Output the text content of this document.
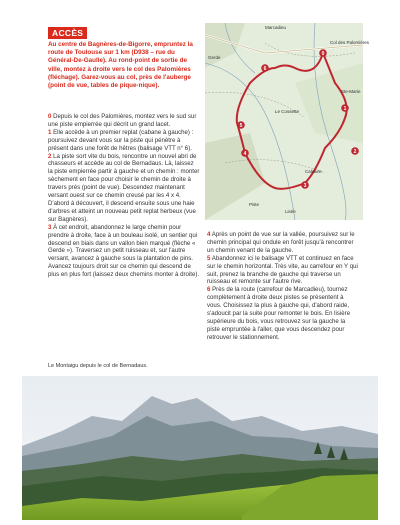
ACCÈS
Au centre de Bagnères-de-Bigorre, empruntez la route de Toulouse sur 1 km (D938 – rue du Général-De-Gaulle). Au rond-point de sortie de ville, montez à droite vers le col des Palomières (fléchage). Garez-vous au col, près de l'auberge (point de vue, tables de pique-nique).

0 Depuis le col des Palomières, montez vers le sud sur une piste empierrée qui décrit un grand lacet.

1 Elle accède à un premier replat (cabane à gauche) : poursuivez devant vous sur la piste qui pénètre à présent dans une forêt de hêtres (balisage VTT n° 6).

2 La piste sort vite du bois, rencontre un nouvel abri de chasseurs et accède au col de Bernadaus. Là, laissez la piste empierrée partir à gauche et un chemin : monter sèchement en face pour choisir le chemin de droite à travers prés (point de vue). Descendez maintenant versant ouest sur ce chemin creusé par les 4 x 4. D'abord à découvert, il descend ensuite sous une haie d'arbres et atteint un nouveau petit replat herbeux (vue sur Bagnères).

3 À cet endroit, abandonnez le large chemin pour prendre à droite, face à un bouleau isolé, un sentier qui descend en biais dans un vallon bien marqué (flèche « Gerde »). Traversez un petit ruisseau et, sur l'autre versant, avancez à gauche sous la plantation de pins. Avancez toujours droit sur ce chemin qui descend de plus en plus fort (laissez deux chemins monter à droite).

4 Après un point de vue sur la vallée, poursuivez sur le chemin principal qui ondule en forêt jusqu'à rencontrer un chemin venant de la gauche.

5 Abandonnez ici le balisage VTT et continuez en face sur le chemin horizontal. Très vite, au carrefour en Y qui suit, prenez la branche de gauche qui traverse un ruisseau et remonte sur l'autre rive.

6 Près de la route (carrefour de Marcadieu), tournez complètement à droite deux pistes se présentent à vous. Choisissez la plus à gauche qui, d'abord raide, s'adoucit par la suite pour remonter le bois. En lisière supérieure du bois, vous retrouvez sur la gauche la piste empruntée à l'aller, que vous descendez pour retrouver le stationnement.

Marcadieu
Gerde
Col des Palomières
Ste-Marie
Le Cossette
Piste
Calvaire
Lisée
0
1
2
3
4
5
6
Le Montaigu depuis le col de Bernadaus.
